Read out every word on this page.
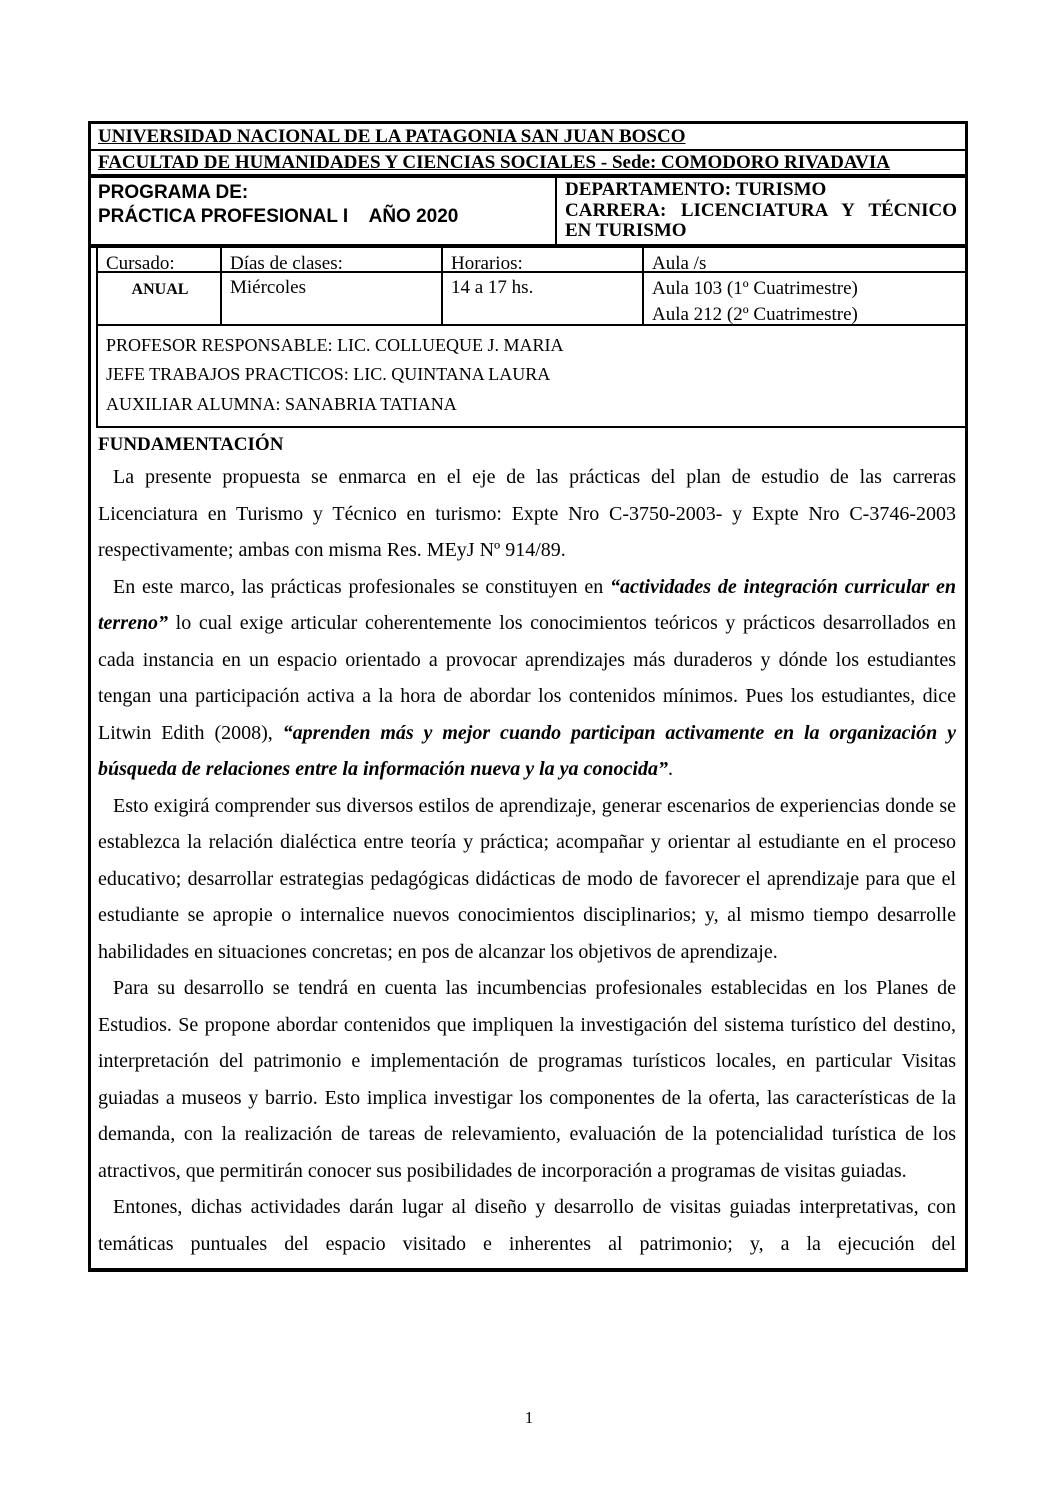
UNIVERSIDAD NACIONAL DE LA PATAGONIA SAN JUAN BOSCO
FACULTAD DE HUMANIDADES Y CIENCIAS SOCIALES - Sede: COMODORO RIVADAVIA
PROGRAMA DE:
PRÁCTICA PROFESIONAL I    AÑO 2020

DEPARTAMENTO: TURISMO

CARRERA: LICENCIATURA Y TÉCNICO EN TURISMO

Cursado:	Días de clases:	Horarios:	Aula /s
ANUAL	Miércoles	14 a 17 hs.	Aula 103 (1º Cuatrimestre)
Aula 212 (2º Cuatrimestre)
PROFESOR RESPONSABLE: LIC. COLLUEQUE J. MARIA
JEFE TRABAJOS PRACTICOS: LIC. QUINTANA LAURA
AUXILIAR ALUMNA: SANABRIA TATIANA
FUNDAMENTACIÓN

La presente propuesta se enmarca en el eje de las prácticas del plan de estudio de las carreras Licenciatura en Turismo y Técnico en turismo: Expte Nro C-3750-2003- y Expte Nro C-3746-2003 respectivamente; ambas con misma Res. MEyJ Nº 914/89.

En este marco, las prácticas profesionales se constituyen en “actividades de integración curricular en terreno” lo cual exige articular coherentemente los conocimientos teóricos y prácticos desarrollados en cada instancia en un espacio orientado a provocar aprendizajes más duraderos y dónde los estudiantes tengan una participación activa a la hora de abordar los contenidos mínimos. Pues los estudiantes, dice Litwin Edith (2008), “aprenden más y mejor cuando participan activamente en la organización y búsqueda de relaciones entre la información nueva y la ya conocida”.

Esto exigirá comprender sus diversos estilos de aprendizaje, generar escenarios de experiencias donde se establezca la relación dialéctica entre teoría y práctica; acompañar y orientar al estudiante en el proceso educativo; desarrollar estrategias pedagógicas didácticas de modo de favorecer el aprendizaje para que el estudiante se apropie o internalice nuevos conocimientos disciplinarios; y, al mismo tiempo desarrolle habilidades en situaciones concretas; en pos de alcanzar los objetivos de aprendizaje.

Para su desarrollo se tendrá en cuenta las incumbencias profesionales establecidas en los Planes de Estudios. Se propone abordar contenidos que impliquen la investigación del sistema turístico del destino, interpretación del patrimonio e implementación de programas turísticos locales, en particular Visitas guiadas a museos y barrio. Esto implica investigar los componentes de la oferta, las características de la demanda, con la realización de tareas de relevamiento, evaluación de la potencialidad turística de los atractivos, que permitirán conocer sus posibilidades de incorporación a programas de visitas guiadas.

Entones, dichas actividades darán lugar al diseño y desarrollo de visitas guiadas interpretativas, con temáticas puntuales del espacio visitado e inherentes al patrimonio; y, a la ejecución del

1
